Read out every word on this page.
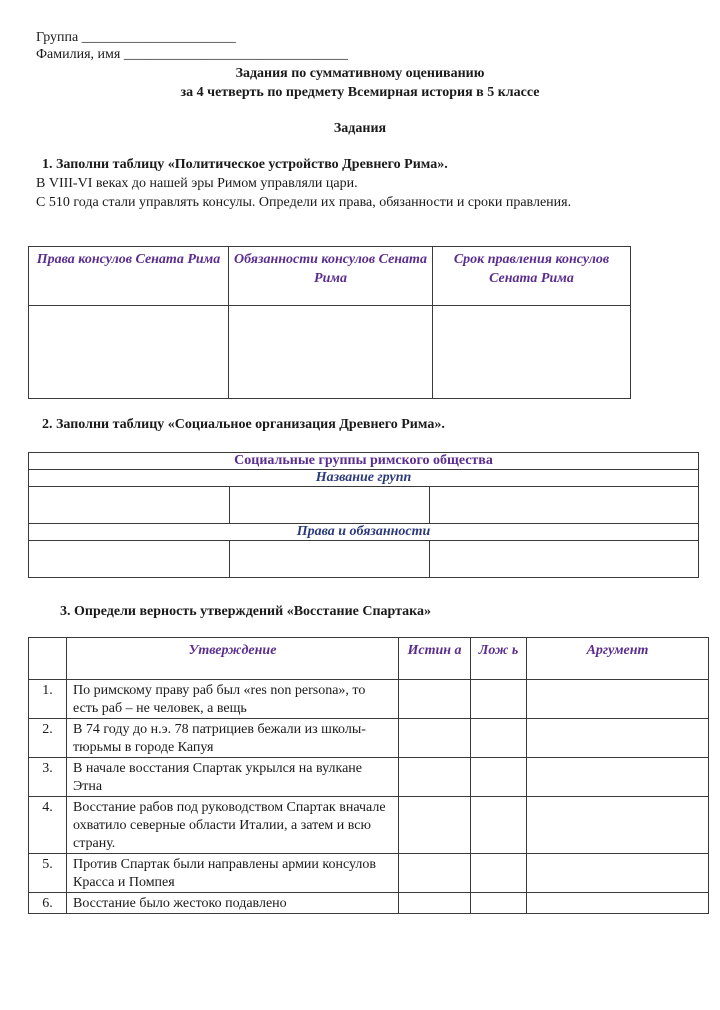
Группа ______________________
Фамилия, имя ________________________________
Задания по суммативному оцениванию
за 4 четверть по предмету Всемирная история в 5 классе
Задания
1. Заполни таблицу «Политическое устройство Древнего Рима».
В VIII-VI веках до нашей эры Римом управляли цари.
С 510 года стали управлять консулы. Определи их права, обязанности и сроки правления.
Права консулов Сената Рима	Обязанности консулов Сената Рима	Срок правления консулов Сената Рима

2. Заполни таблицу «Социальное организация Древнего Рима».
Социальные группы римского общества		
Название групп		

Права и обязанности		

3. Определи верность утверждений «Восстание Спартака»
	Утверждение	Истин а	Лож ь	Аргумент
1.	По римскому праву раб был «res non persona», то есть раб – не человек, а вещь			
2.	В 74 году до н.э. 78 патрициев бежали из школы-тюрьмы в городе Капуя			
3.	В начале восстания Спартак укрылся на вулкане Этна			
4.	Восстание рабов под руководством Спартак вначале охватило северные области Италии, а затем и всю страну.			
5.	Против Спартак были направлены армии консулов Красса и Помпея			
6.	Восстание было жестоко подавлено			
